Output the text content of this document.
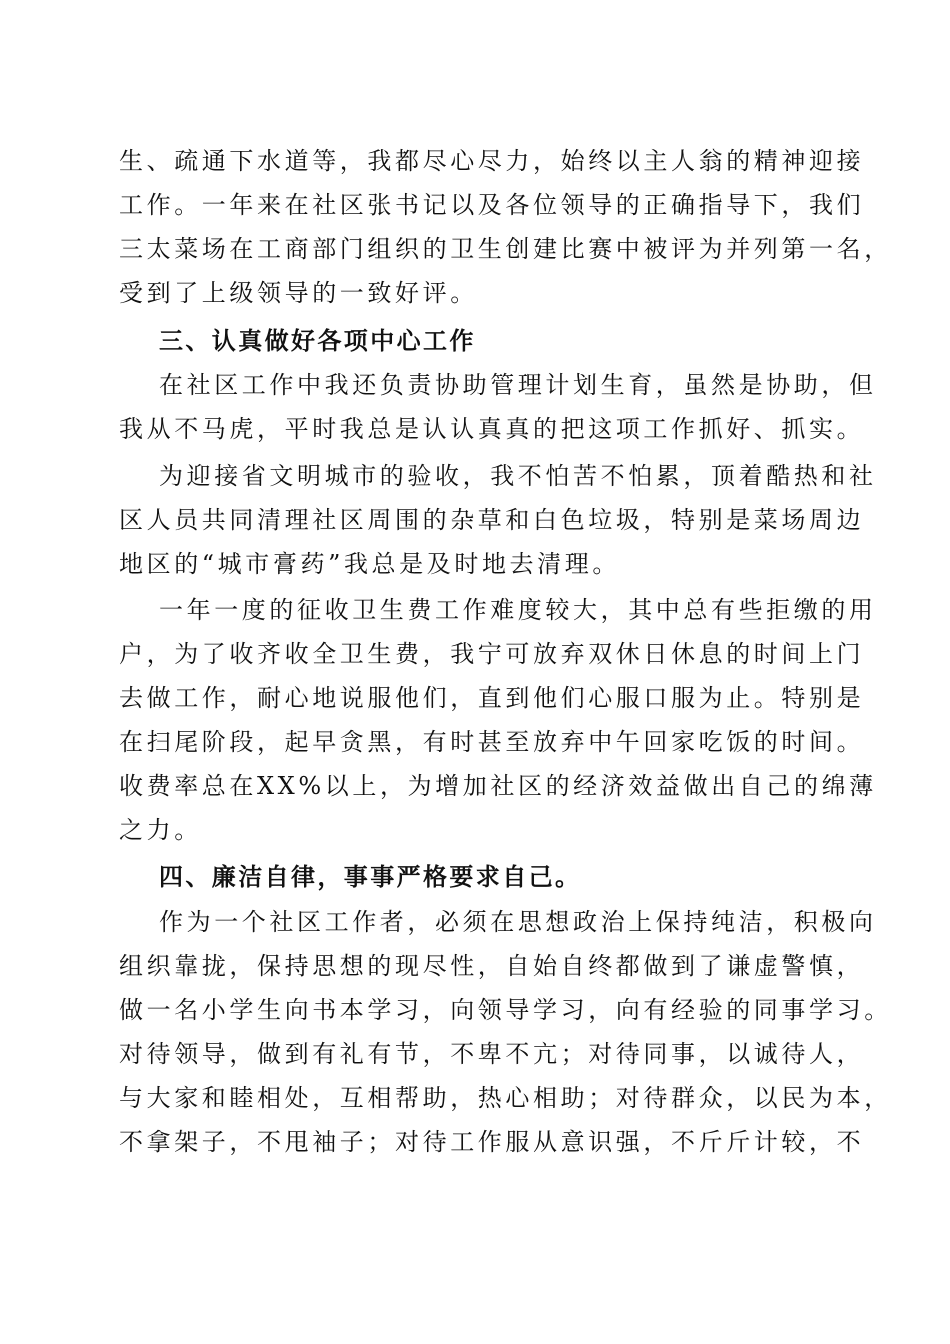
生、疏通下水道等，我都尽心尽力，始终以主人翁的精神迎接
工作。一年来在社区张书记以及各位领导的正确指导下，我们
三太菜场在工商部门组织的卫生创建比赛中被评为并列第一名，
受到了上级领导的一致好评。
三、认真做好各项中心工作
在社区工作中我还负责协助管理计划生育，虽然是协助，但
我从不马虎，平时我总是认认真真的把这项工作抓好、抓实。
为迎接省文明城市的验收，我不怕苦不怕累，顶着酷热和社
区人员共同清理社区周围的杂草和白色垃圾，特别是菜场周边
地区的“城市膏药”我总是及时地去清理。
一年一度的征收卫生费工作难度较大，其中总有些拒缴的用
户，为了收齐收全卫生费，我宁可放弃双休日休息的时间上门
去做工作，耐心地说服他们，直到他们心服口服为止。特别是
在扫尾阶段，起早贪黑，有时甚至放弃中午回家吃饭的时间。
收费率总在XX%以上，为增加社区的经济效益做出自己的绵薄
之力。
四、廉洁自律，事事严格要求自己。
作为一个社区工作者，必须在思想政治上保持纯洁，积极向
组织靠拢，保持思想的现尽性，自始自终都做到了谦虚警慎，
做一名小学生向书本学习，向领导学习，向有经验的同事学习。
对待领导，做到有礼有节，不卑不亢；对待同事，以诚待人，
与大家和睦相处，互相帮助，热心相助；对待群众，以民为本，
不拿架子，不甩袖子；对待工作服从意识强，不斤斤计较，不
